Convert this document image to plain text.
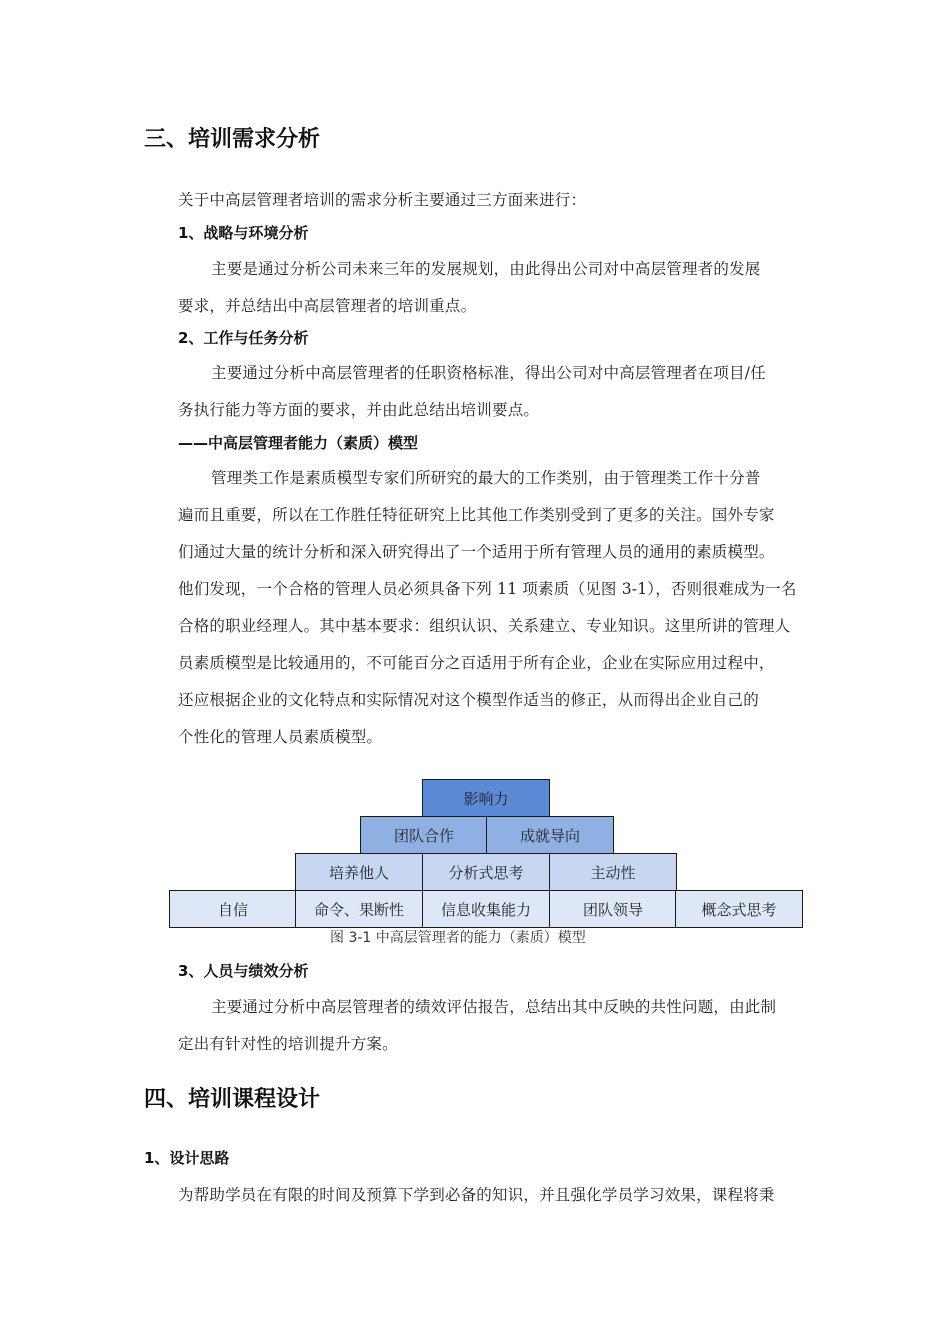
三、培训需求分析
关于中高层管理者培训的需求分析主要通过三方面来进行：
1、战略与环境分析
主要是通过分析公司未来三年的发展规划，由此得出公司对中高层管理者的发展
要求，并总结出中高层管理者的培训重点。
2、工作与任务分析
主要通过分析中高层管理者的任职资格标准，得出公司对中高层管理者在项目/任
务执行能力等方面的要求，并由此总结出培训要点。
——中高层管理者能力（素质）模型
管理类工作是素质模型专家们所研究的最大的工作类别，由于管理类工作十分普
遍而且重要，所以在工作胜任特征研究上比其他工作类别受到了更多的关注。国外专家
们通过大量的统计分析和深入研究得出了一个适用于所有管理人员的通用的素质模型。
他们发现，一个合格的管理人员必须具备下列 11 项素质（见图 3-1），否则很难成为一名
合格的职业经理人。其中基本要求：组织认识、关系建立、专业知识。这里所讲的管理人
员素质模型是比较通用的，不可能百分之百适用于所有企业，企业在实际应用过程中，
还应根据企业的文化特点和实际情况对这个模型作适当的修正，从而得出企业自己的
个性化的管理人员素质模型。
影响力
团队合作	成就导向
培养他人	分析式思考	主动性
自信	命令、果断性	信息收集能力	团队领导	概念式思考
图 3-1 中高层管理者的能力（素质）模型
3、人员与绩效分析
主要通过分析中高层管理者的绩效评估报告，总结出其中反映的共性问题，由此制
定出有针对性的培训提升方案。
四、培训课程设计
1、设计思路
为帮助学员在有限的时间及预算下学到必备的知识，并且强化学员学习效果，课程将秉
